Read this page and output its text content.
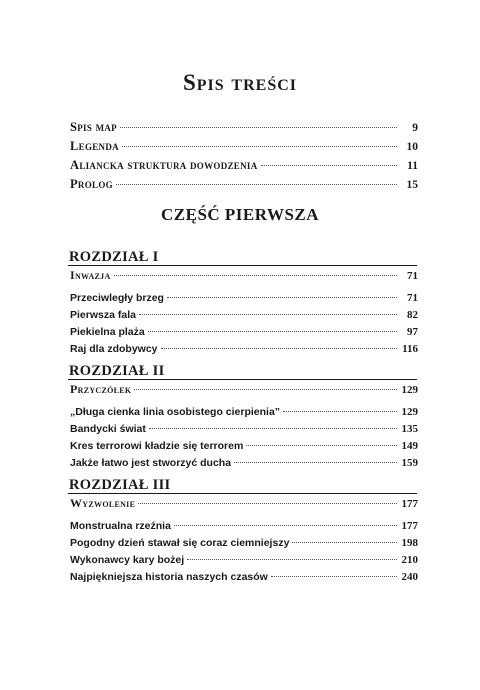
Spis treści
Spis map	9
Legenda	10
Aliancka struktura dowodzenia	11
Prolog	15
CZĘŚĆ PIERWSZA
ROZDZIAŁ I
Inwazja	71
Przeciwległy brzeg	71
Pierwsza fala	82
Piekielna plaża	97
Raj dla zdobywcy	116
ROZDZIAŁ II
Przyczółek	129
„Długa cienka linia osobistego cierpienia”	129
Bandycki świat	135
Kres terrorowi kładzie się terrorem	149
Jakże łatwo jest stworzyć ducha	159
ROZDZIAŁ III
Wyzwolenie	177
Monstrualna rzeźnia	177
Pogodny dzień stawał się coraz ciemniejszy	198
Wykonawcy kary bożej	210
Najpiękniejsza historia naszych czasów	240
